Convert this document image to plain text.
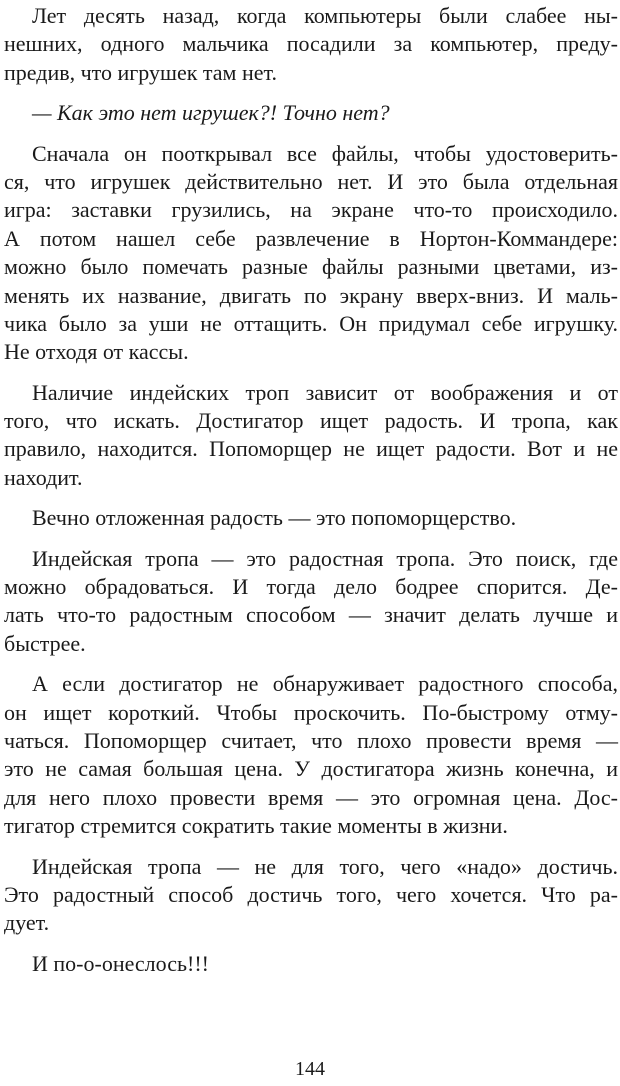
Лет десять назад, когда компьютеры были слабее ны-
нешних, одного мальчика посадили за компьютер, преду-
предив, что игрушек там нет.
— Как это нет игрушек?! Точно нет?
Сначала он пооткрывал все файлы, чтобы удостоверить-
ся, что игрушек действительно нет. И это была отдельная
игра: заставки грузились, на экране что-то происходило.
А потом нашел себе развлечение в Нортон-Коммандере:
можно было помечать разные файлы разными цветами, из-
менять их название, двигать по экрану вверх-вниз. И маль-
чика было за уши не оттащить. Он придумал себе игрушку.
Не отходя от кассы.
Наличие индейских троп зависит от воображения и от
того, что искать. Достигатор ищет радость. И тропа, как
правило, находится. Попоморщер не ищет радости. Вот и не
находит.
Вечно отложенная радость — это попоморщерство.
Индейская тропа — это радостная тропа. Это поиск, где
можно обрадоваться. И тогда дело бодрее спорится. Де-
лать что-то радостным способом — значит делать лучше и
быстрее.
А если достигатор не обнаруживает радостного способа,
он ищет короткий. Чтобы проскочить. По-быстрому отму-
чаться. Попоморщер считает, что плохо провести время —
это не самая большая цена. У достигатора жизнь конечна, и
для него плохо провести время — это огромная цена. Дос-
тигатор стремится сократить такие моменты в жизни.
Индейская тропа — не для того, чего «надо» достичь.
Это радостный способ достичь того, чего хочется. Что ра-
дует.
И по-о-онеслось!!!
144
